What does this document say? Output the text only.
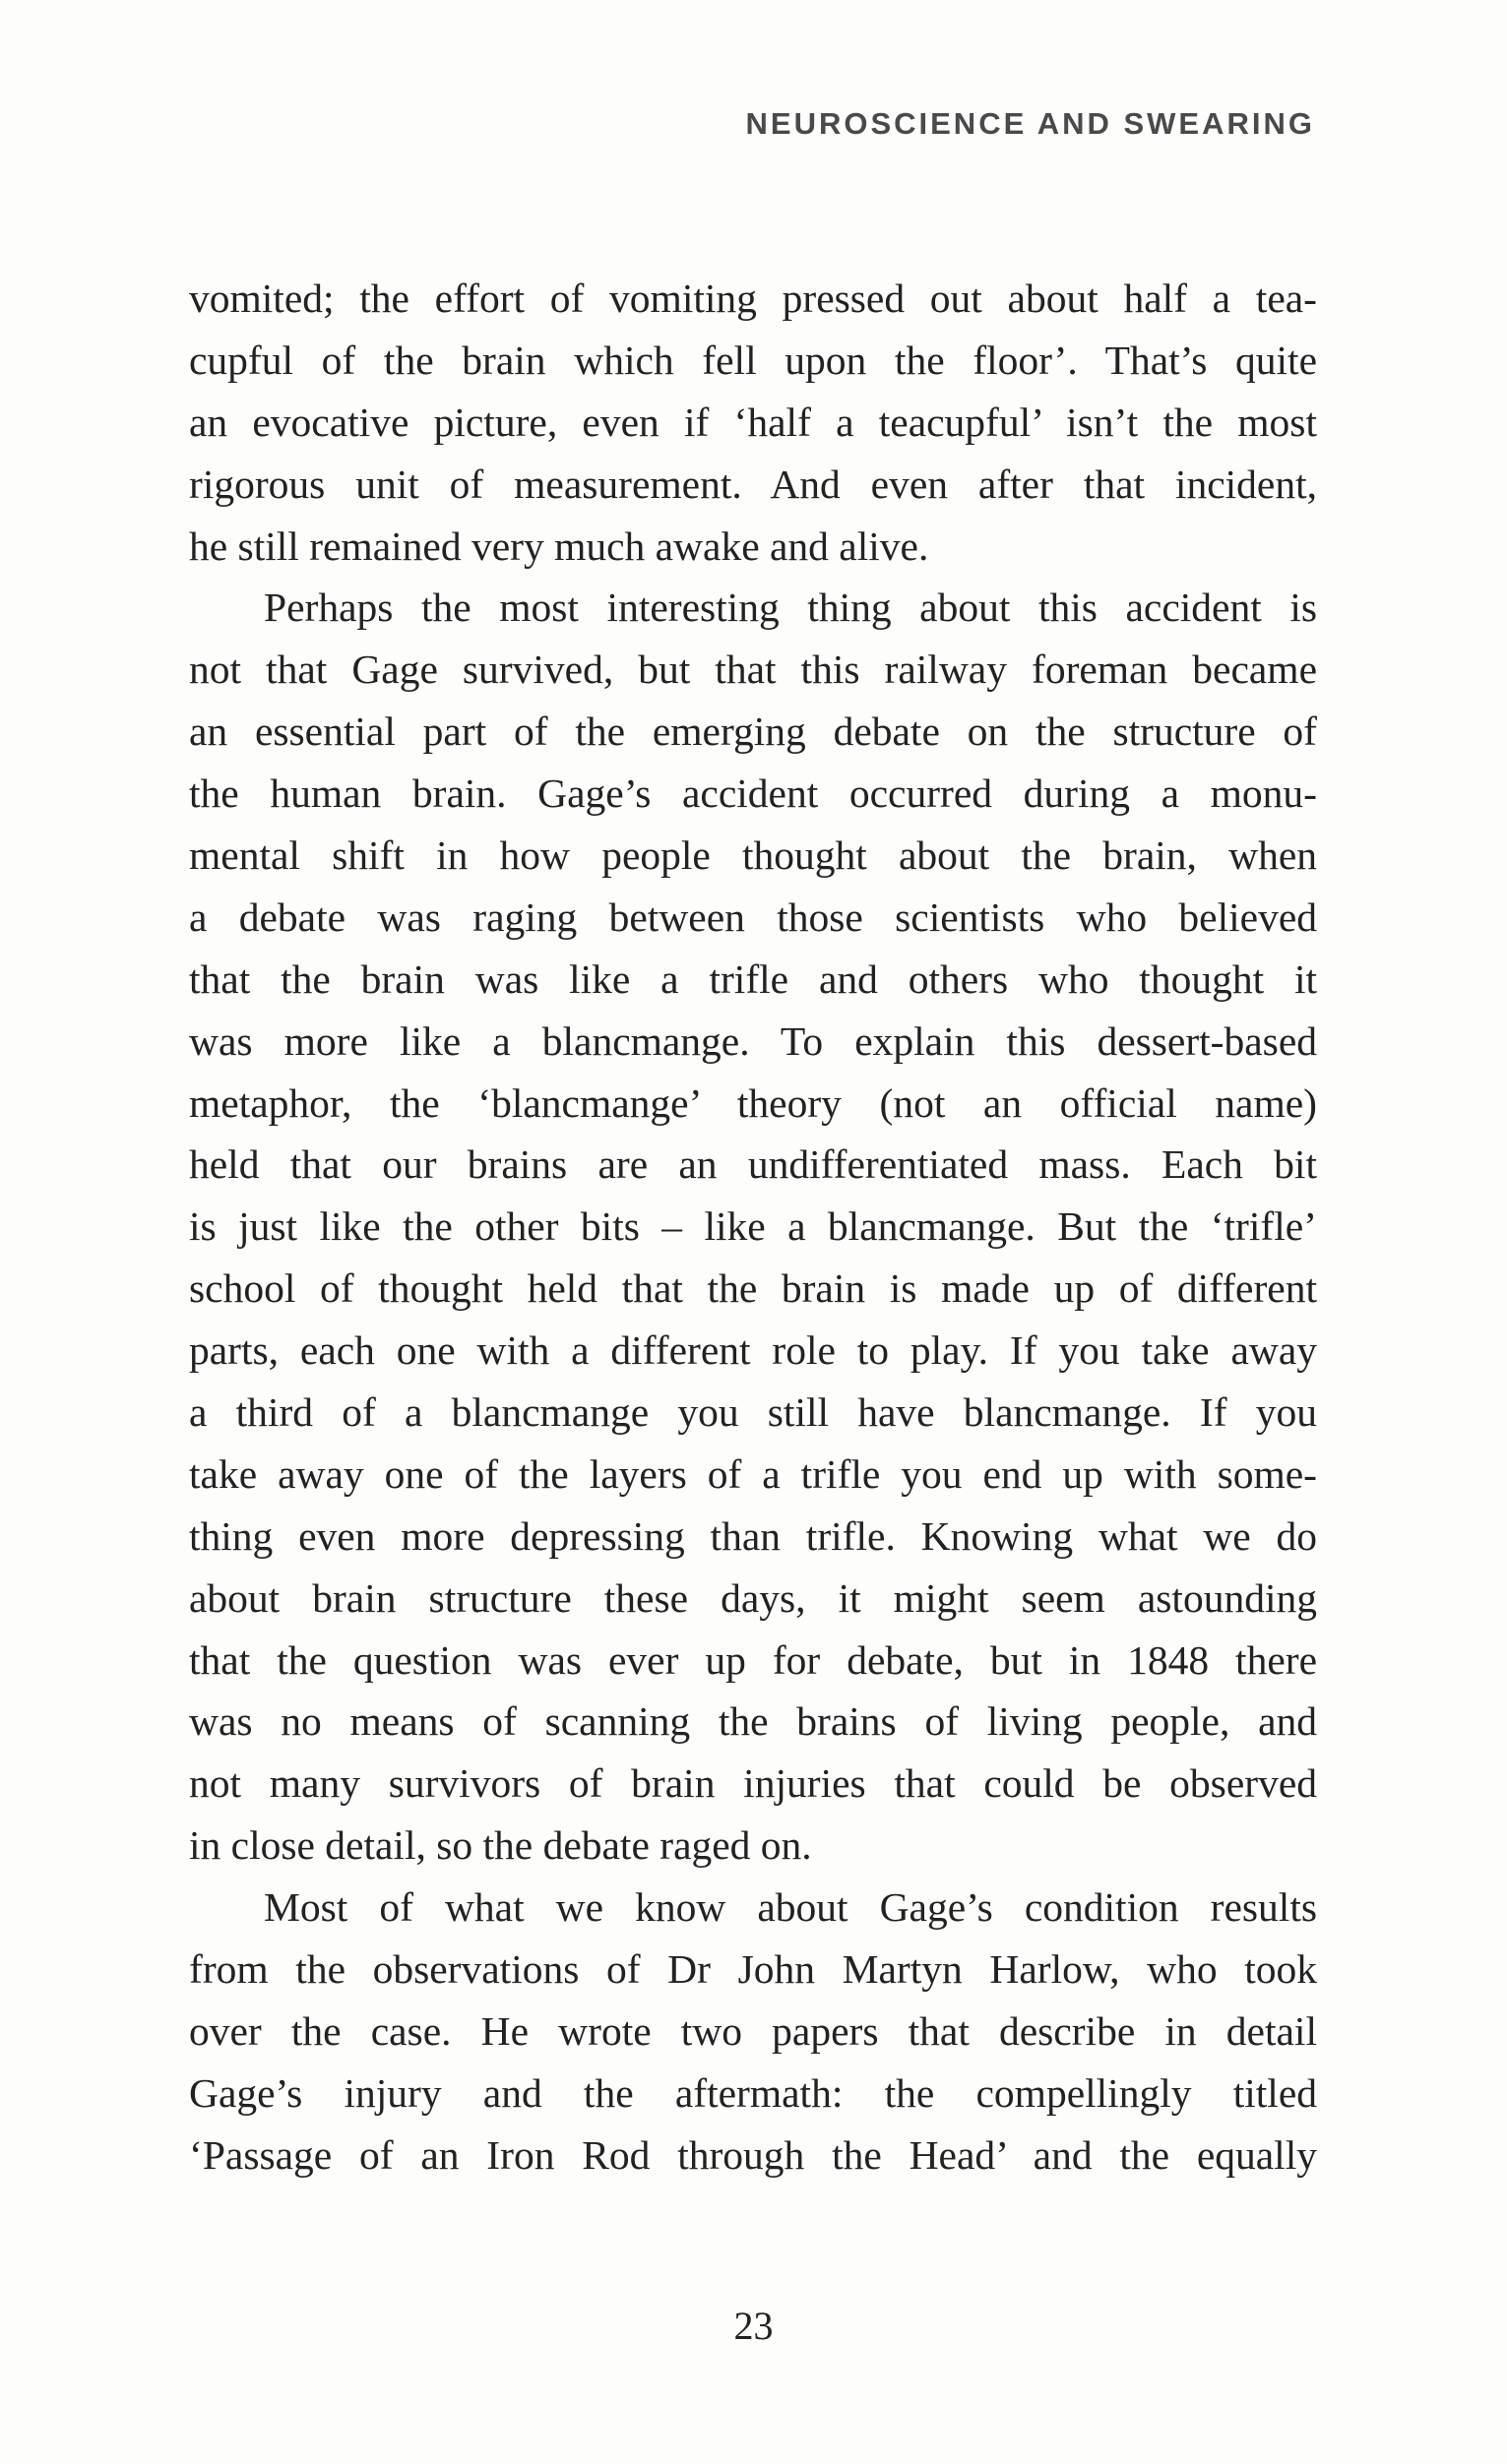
NEUROSCIENCE AND SWEARING
vomited; the effort of vomiting pressed out about half a tea-
cupful of the brain which fell upon the floor’. That’s quite
an evocative picture, even if ‘half a teacupful’ isn’t the most
rigorous unit of measurement. And even after that incident,
he still remained very much awake and alive.
Perhaps the most interesting thing about this accident is
not that Gage survived, but that this railway foreman became
an essential part of the emerging debate on the structure of
the human brain. Gage’s accident occurred during a monu-
mental shift in how people thought about the brain, when
a debate was raging between those scientists who believed
that the brain was like a trifle and others who thought it
was more like a blancmange. To explain this dessert-based
metaphor, the ‘blancmange’ theory (not an official name)
held that our brains are an undifferentiated mass. Each bit
is just like the other bits – like a blancmange. But the ‘trifle’
school of thought held that the brain is made up of different
parts, each one with a different role to play. If you take away
a third of a blancmange you still have blancmange. If you
take away one of the layers of a trifle you end up with some-
thing even more depressing than trifle. Knowing what we do
about brain structure these days, it might seem astounding
that the question was ever up for debate, but in 1848 there
was no means of scanning the brains of living people, and
not many survivors of brain injuries that could be observed
in close detail, so the debate raged on.
Most of what we know about Gage’s condition results
from the observations of Dr John Martyn Harlow, who took
over the case. He wrote two papers that describe in detail
Gage’s injury and the aftermath: the compellingly titled
‘Passage of an Iron Rod through the Head’ and the equally
23
